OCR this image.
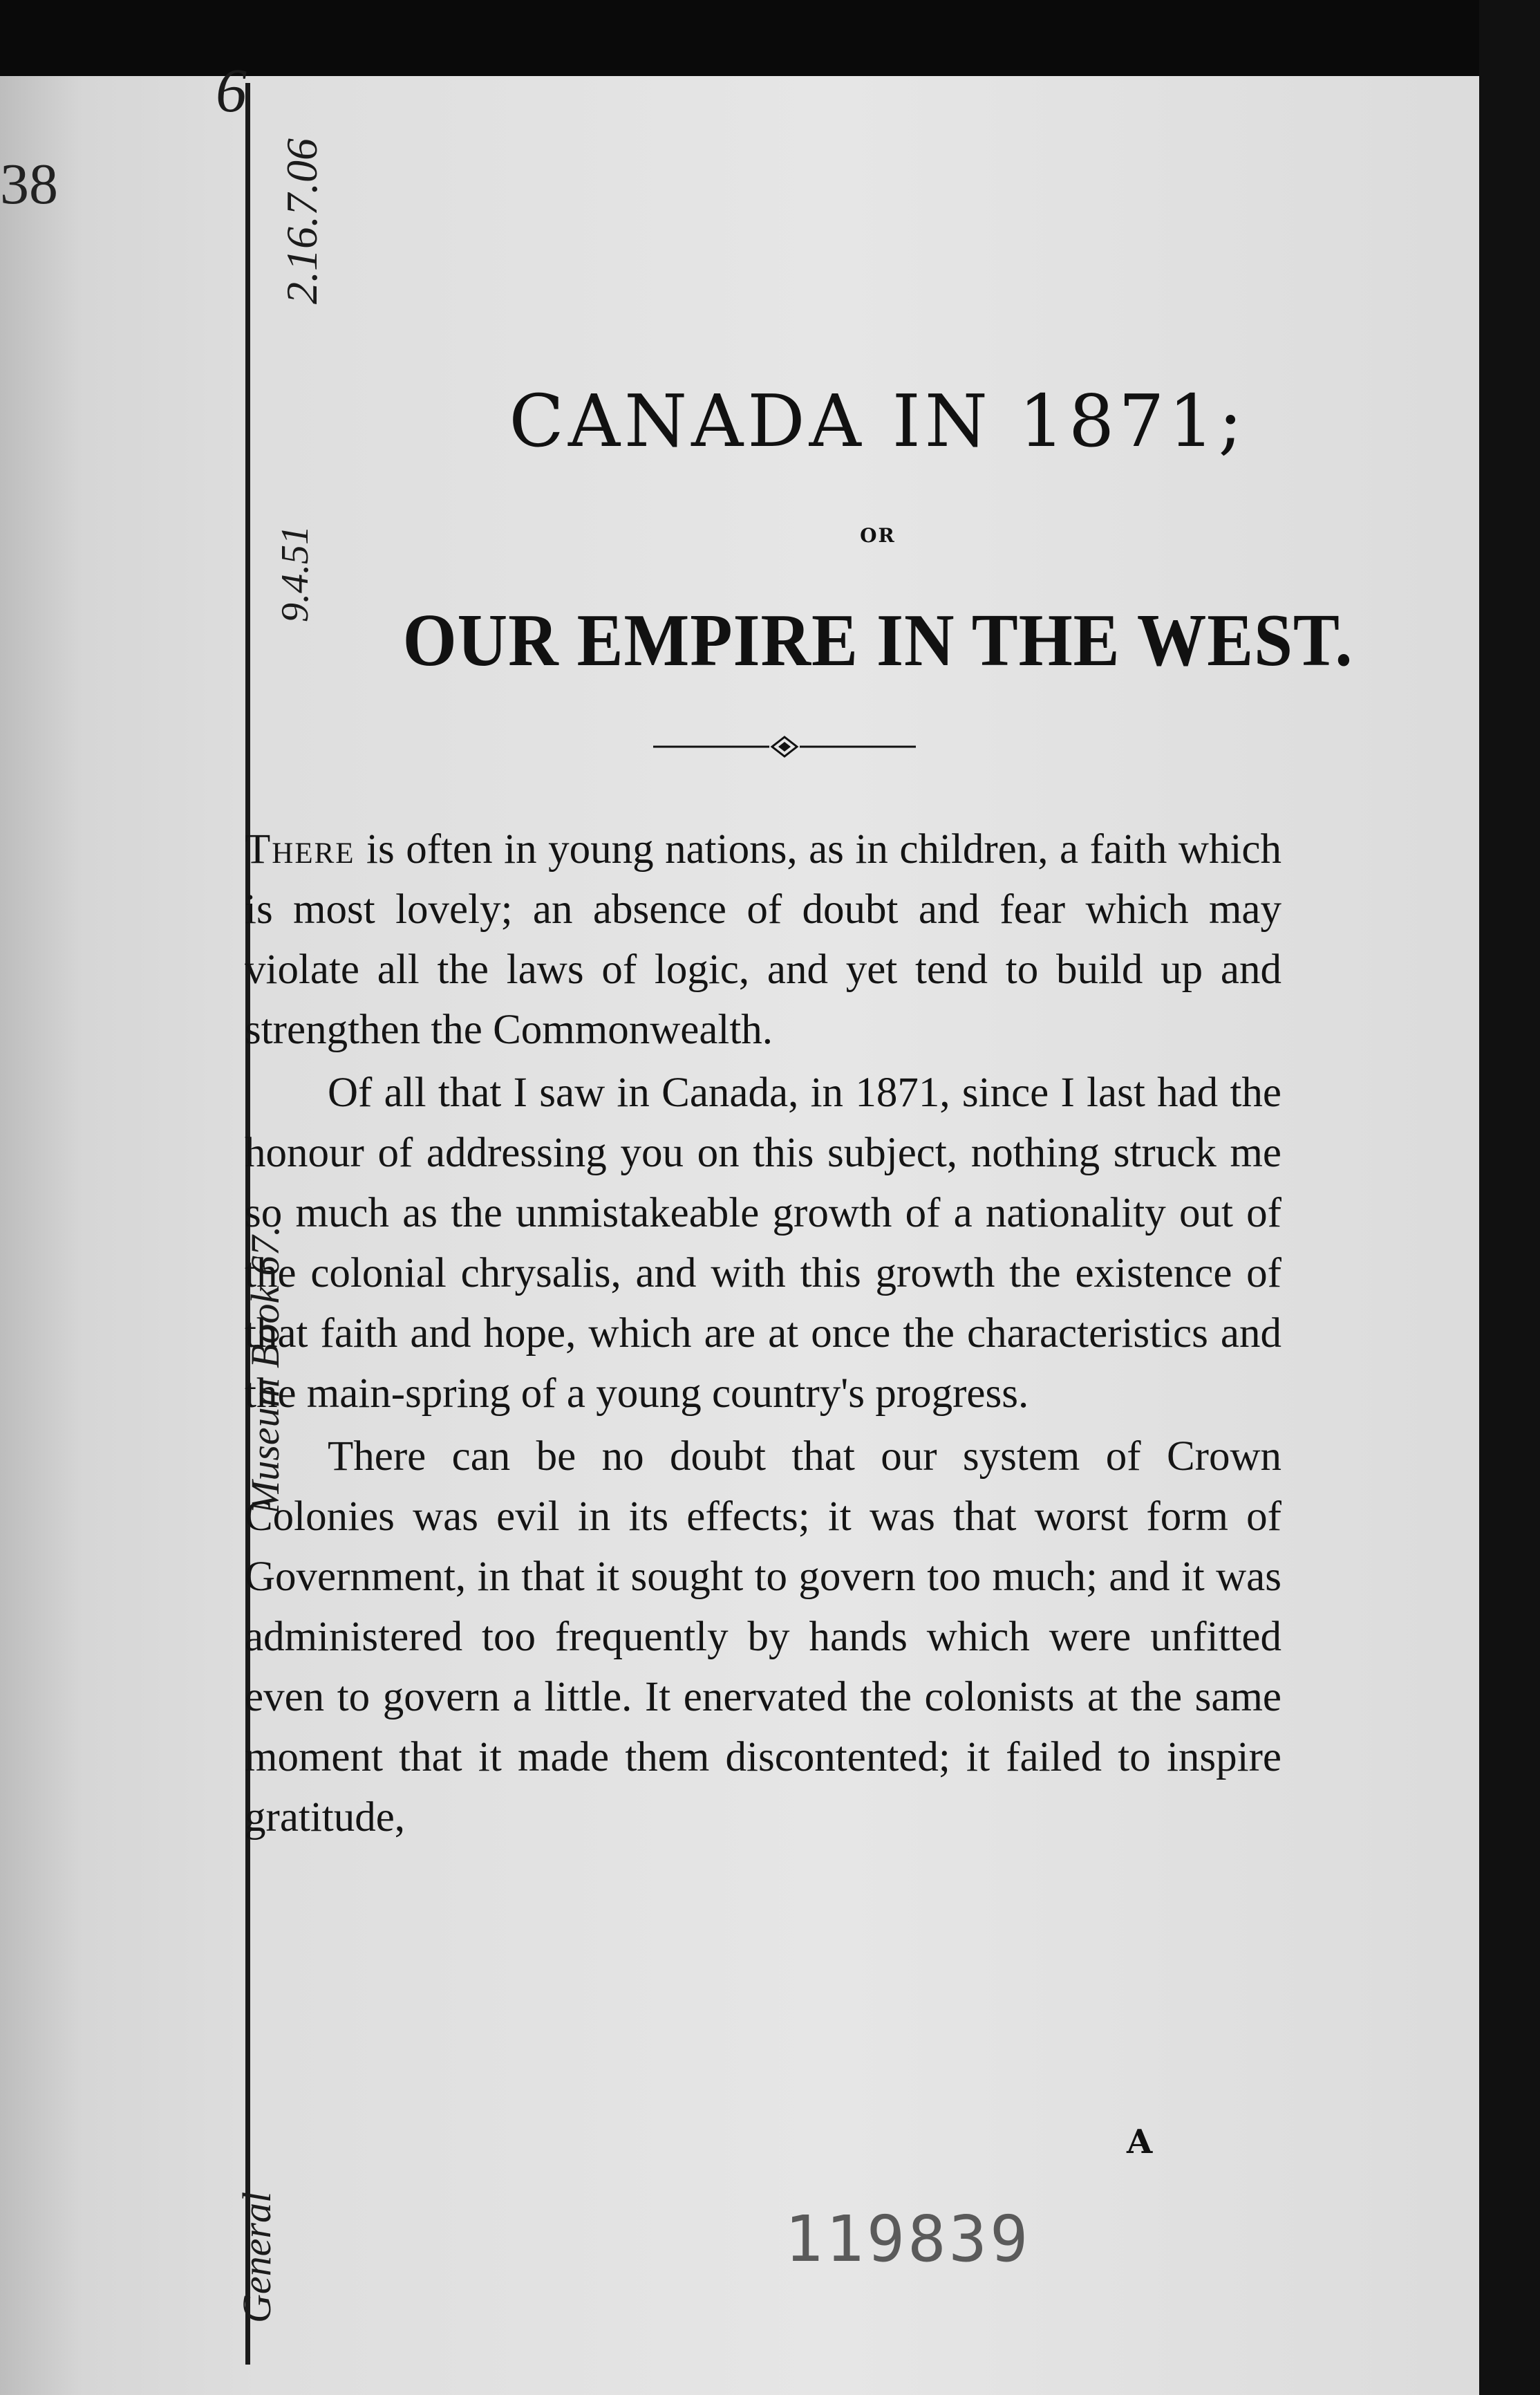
38
6
2.16.7.06
9.4.51
Museum Book 67.
General
CANADA IN 1871;
OR
OUR EMPIRE IN THE WEST.

There is often in young nations, as in children, a faith which is most lovely; an absence of doubt and fear which may violate all the laws of logic, and yet tend to build up and strengthen the Commonwealth.

Of all that I saw in Canada, in 1871, since I last had the honour of addressing you on this subject, nothing struck me so much as the unmistakeable growth of a nationality out of the colonial chrysalis, and with this growth the existence of that faith and hope, which are at once the characteristics and the main-spring of a young country's progress.

There can be no doubt that our system of Crown Colonies was evil in its effects; it was that worst form of Government, in that it sought to govern too much; and it was administered too frequently by hands which were unfitted even to govern a little. It enervated the colonists at the same moment that it made them discontented; it failed to inspire gratitude,

A
119839
